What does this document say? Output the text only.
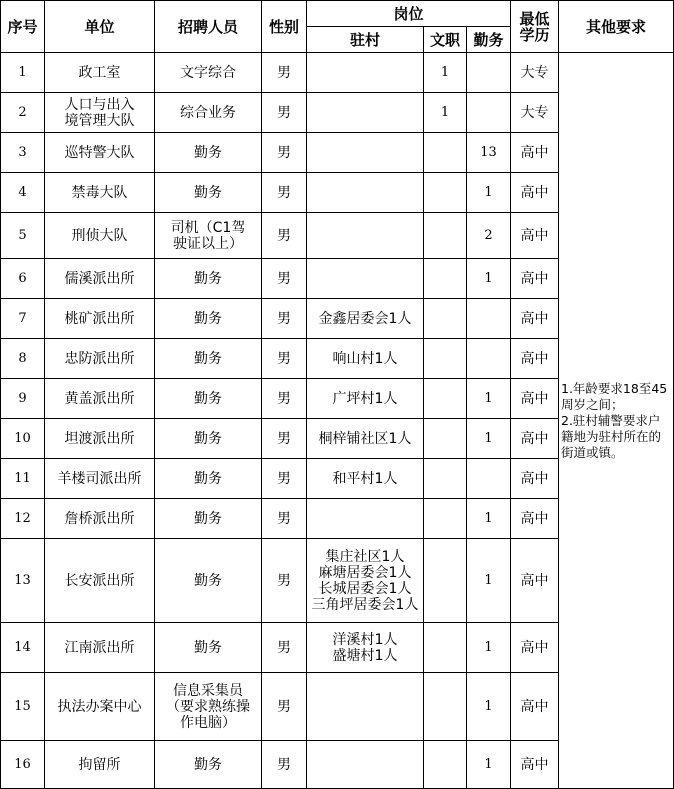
序号	单位	招聘人员	性别	岗位			最低学历	其他要求
				驻村	文职	勤务		
1	政工室	文字综合	男		1		大专	1.年龄要求18至45周岁之间；
2.驻村辅警要求户籍地为驻村所在的街道或镇。
2	人口与出入
境管理大队	综合业务	男		1		大专	
3	巡特警大队	勤务	男			13	高中	
4	禁毒大队	勤务	男			1	高中	
5	刑侦大队	司机（C1驾
驶证以上）	男			2	高中	
6	儒溪派出所	勤务	男			1	高中	
7	桃矿派出所	勤务	男	金鑫居委会1人			高中	
8	忠防派出所	勤务	男	响山村1人			高中	
9	黄盖派出所	勤务	男	广坪村1人		1	高中	
10	坦渡派出所	勤务	男	桐梓铺社区1人		1	高中	
11	羊楼司派出所	勤务	男	和平村1人			高中	
12	詹桥派出所	勤务	男			1	高中	
13	长安派出所	勤务	男	集庄社区1人
麻塘居委会1人
长城居委会1人
三角坪居委会1人		1	高中	
14	江南派出所	勤务	男	洋溪村1人
盛塘村1人		1	高中	
15	执法办案中心	信息采集员
（要求熟练操
作电脑）	男			1	高中	
16	拘留所	勤务	男			1	高中	
